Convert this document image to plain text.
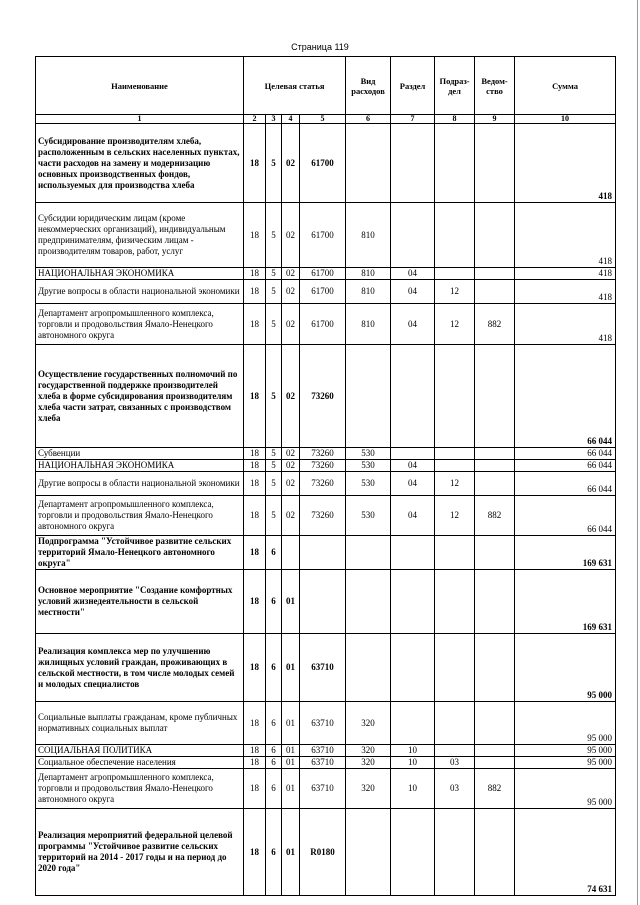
Страница 119
Наименование	Целевая статья				Вид расходов	Раздел	Подраз-дел	Ведом-ство	Сумма
1	2	3	4	5	6	7	8	9	10
Субсидирование производителям хлеба, расположенным в сельских населенных пунктах, части расходов на замену и модернизацию основных производственных фондов, используемых для производства хлеба	18	5	02	61700					418
Субсидии юридическим лицам (кроме некоммерческих организаций), индивидуальным предпринимателям, физическим лицам - производителям товаров, работ, услуг	18	5	02	61700	810				418
НАЦИОНАЛЬНАЯ ЭКОНОМИКА	18	5	02	61700	810	04			418
Другие вопросы в области национальной экономики	18	5	02	61700	810	04	12		418
Департамент агропромышленного комплекса, торговли и продовольствия Ямало-Ненецкого автономного округа	18	5	02	61700	810	04	12	882	418
Осуществление государственных полномочий по государственной поддержке производителей хлеба в форме субсидирования производителям хлеба части затрат, связанных с производством хлеба	18	5	02	73260					66 044
Субвенции	18	5	02	73260	530				66 044
НАЦИОНАЛЬНАЯ ЭКОНОМИКА	18	5	02	73260	530	04			66 044
Другие вопросы в области национальной экономики	18	5	02	73260	530	04	12		66 044
Департамент агропромышленного комплекса, торговли и продовольствия Ямало-Ненецкого автономного округа	18	5	02	73260	530	04	12	882	66 044
Подпрограмма "Устойчивое развитие сельских территорий Ямало-Ненецкого автономного округа"	18	6							169 631
Основное мероприятие "Создание комфортных условий жизнедеятельности в сельской местности"	18	6	01						169 631
Реализация комплекса мер по улучшению жилищных условий граждан, проживающих в сельской местности, в том числе молодых семей и молодых специалистов	18	6	01	63710					95 000
Социальные выплаты гражданам, кроме публичных нормативных социальных выплат	18	6	01	63710	320				95 000
СОЦИАЛЬНАЯ ПОЛИТИКА	18	6	01	63710	320	10			95 000
Социальное обеспечение населения	18	6	01	63710	320	10	03		95 000
Департамент агропромышленного комплекса, торговли и продовольствия Ямало-Ненецкого автономного округа	18	6	01	63710	320	10	03	882	95 000
Реализация мероприятий федеральной целевой программы "Устойчивое развитие сельских территорий на 2014 - 2017 годы и на период до 2020 года"	18	6	01	R0180					74 631
